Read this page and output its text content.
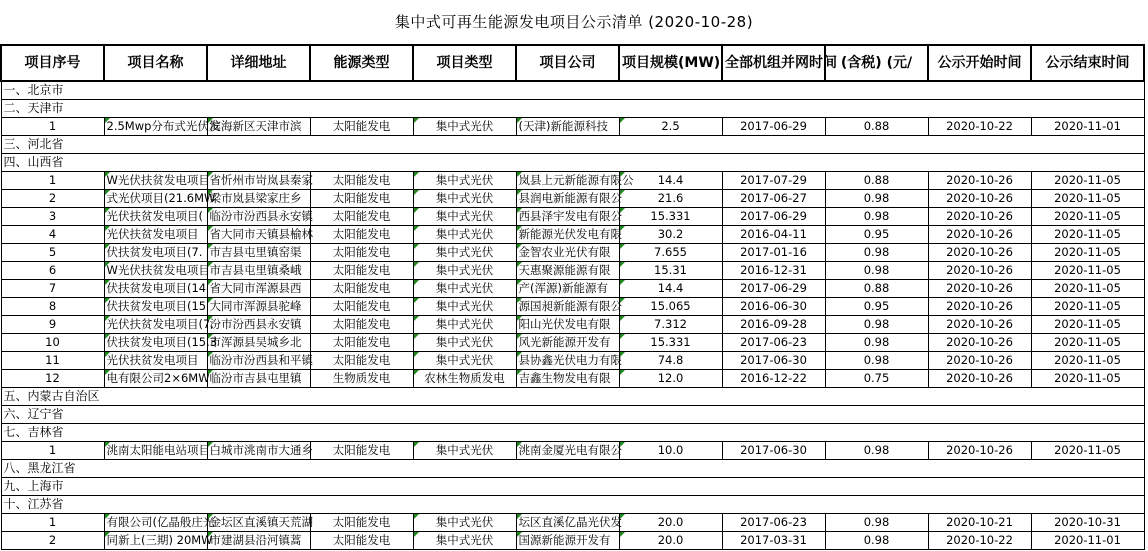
集中式可再生能源发电项目公示清单 (2020-10-28)
项目序号	项目名称	详细地址	能源类型	项目类型	项目公司	项目规模(MW)	全部机组并网时间	(含税) (元/	公示开始时间	公示结束时间
一、北京市										
二、天津市										
1	2.5Mwp分布式光伏发	滨海新区天津市滨	太阳能发电	集中式光伏	(天津)新能源科技	2.5	2017-06-29	0.88	2020-10-22	2020-11-01
三、河北省										
四、山西省										
1	W光伏扶贫发电项目	省忻州市岢岚县秦家	太阳能发电	集中式光伏	岚县上元新能源有限公	14.4	2017-07-29	0.88	2020-10-26	2020-11-05
2	式光伏项目(21.6MW	梁市岚县梁家庄乡	太阳能发电	集中式光伏	县润电新能源有限公	21.6	2017-06-27	0.98	2020-10-26	2020-11-05
3	光伏扶贫发电项目(	临汾市汾西县永安镇	太阳能发电	集中式光伏	西县泽宇发电有限公	15.331	2017-06-29	0.98	2020-10-26	2020-11-05
4	光伏扶贫发电项目	省大同市天镇县榆林	太阳能发电	集中式光伏	新能源光伏发电有限	30.2	2016-04-11	0.95	2020-10-26	2020-11-05
5	伏扶贫发电项目(7.	市吉县屯里镇窑渠	太阳能发电	集中式光伏	金智农业光伏有限	7.655	2017-01-16	0.98	2020-10-26	2020-11-05
6	W光伏扶贫发电项目	市吉县屯里镇桑峨	太阳能发电	集中式光伏	天惠聚源能源有限	15.31	2016-12-31	0.98	2020-10-26	2020-11-05
7	伏扶贫发电项目(14	省大同市浑源县西	太阳能发电	集中式光伏	产(浑源)新能源有	14.4	2017-06-29	0.88	2020-10-26	2020-11-05
8	伏扶贫发电项目(15	大同市浑源县驼峰	太阳能发电	集中式光伏	源国昶新能源有限公	15.065	2016-06-30	0.95	2020-10-26	2020-11-05
9	光伏扶贫发电项目(7.	汾市汾西县永安镇	太阳能发电	集中式光伏	阳山光伏发电有限	7.312	2016-09-28	0.98	2020-10-26	2020-11-05
10	伏扶贫发电项目(15.3	市浑源县吴城乡北	太阳能发电	集中式光伏	风光新能源开发有	15.331	2017-06-23	0.98	2020-10-26	2020-11-05
11	光伏扶贫发电项目	临汾市汾西县和平镇	太阳能发电	集中式光伏	县协鑫光伏电力有限	74.8	2017-06-30	0.98	2020-10-26	2020-11-05
12	电有限公司2×6MW	临汾市吉县屯里镇	生物质发电	农林生物质发电	吉鑫生物发电有限	12.0	2016-12-22	0.75	2020-10-26	2020-11-05
五、内蒙古自治区										
六、辽宁省										
七、吉林省										
1	洮南太阳能电站项目	白城市洮南市大通乡	太阳能发电	集中式光伏	洮南金厦光电有限公	10.0	2017-06-30	0.98	2020-10-26	2020-11-05
八、黑龙江省										
九、上海市										
十、江苏省										
1	有限公司(亿晶般庄光	金坛区直溪镇天荒湖	太阳能发电	集中式光伏	坛区直溪亿晶光伏发	20.0	2017-06-23	0.98	2020-10-21	2020-10-31
2	同新上(三期) 20MW	市建湖县沿河镇蒿	太阳能发电	集中式光伏	国源新能源开发有	20.0	2017-03-31	0.98	2020-10-22	2020-11-01
